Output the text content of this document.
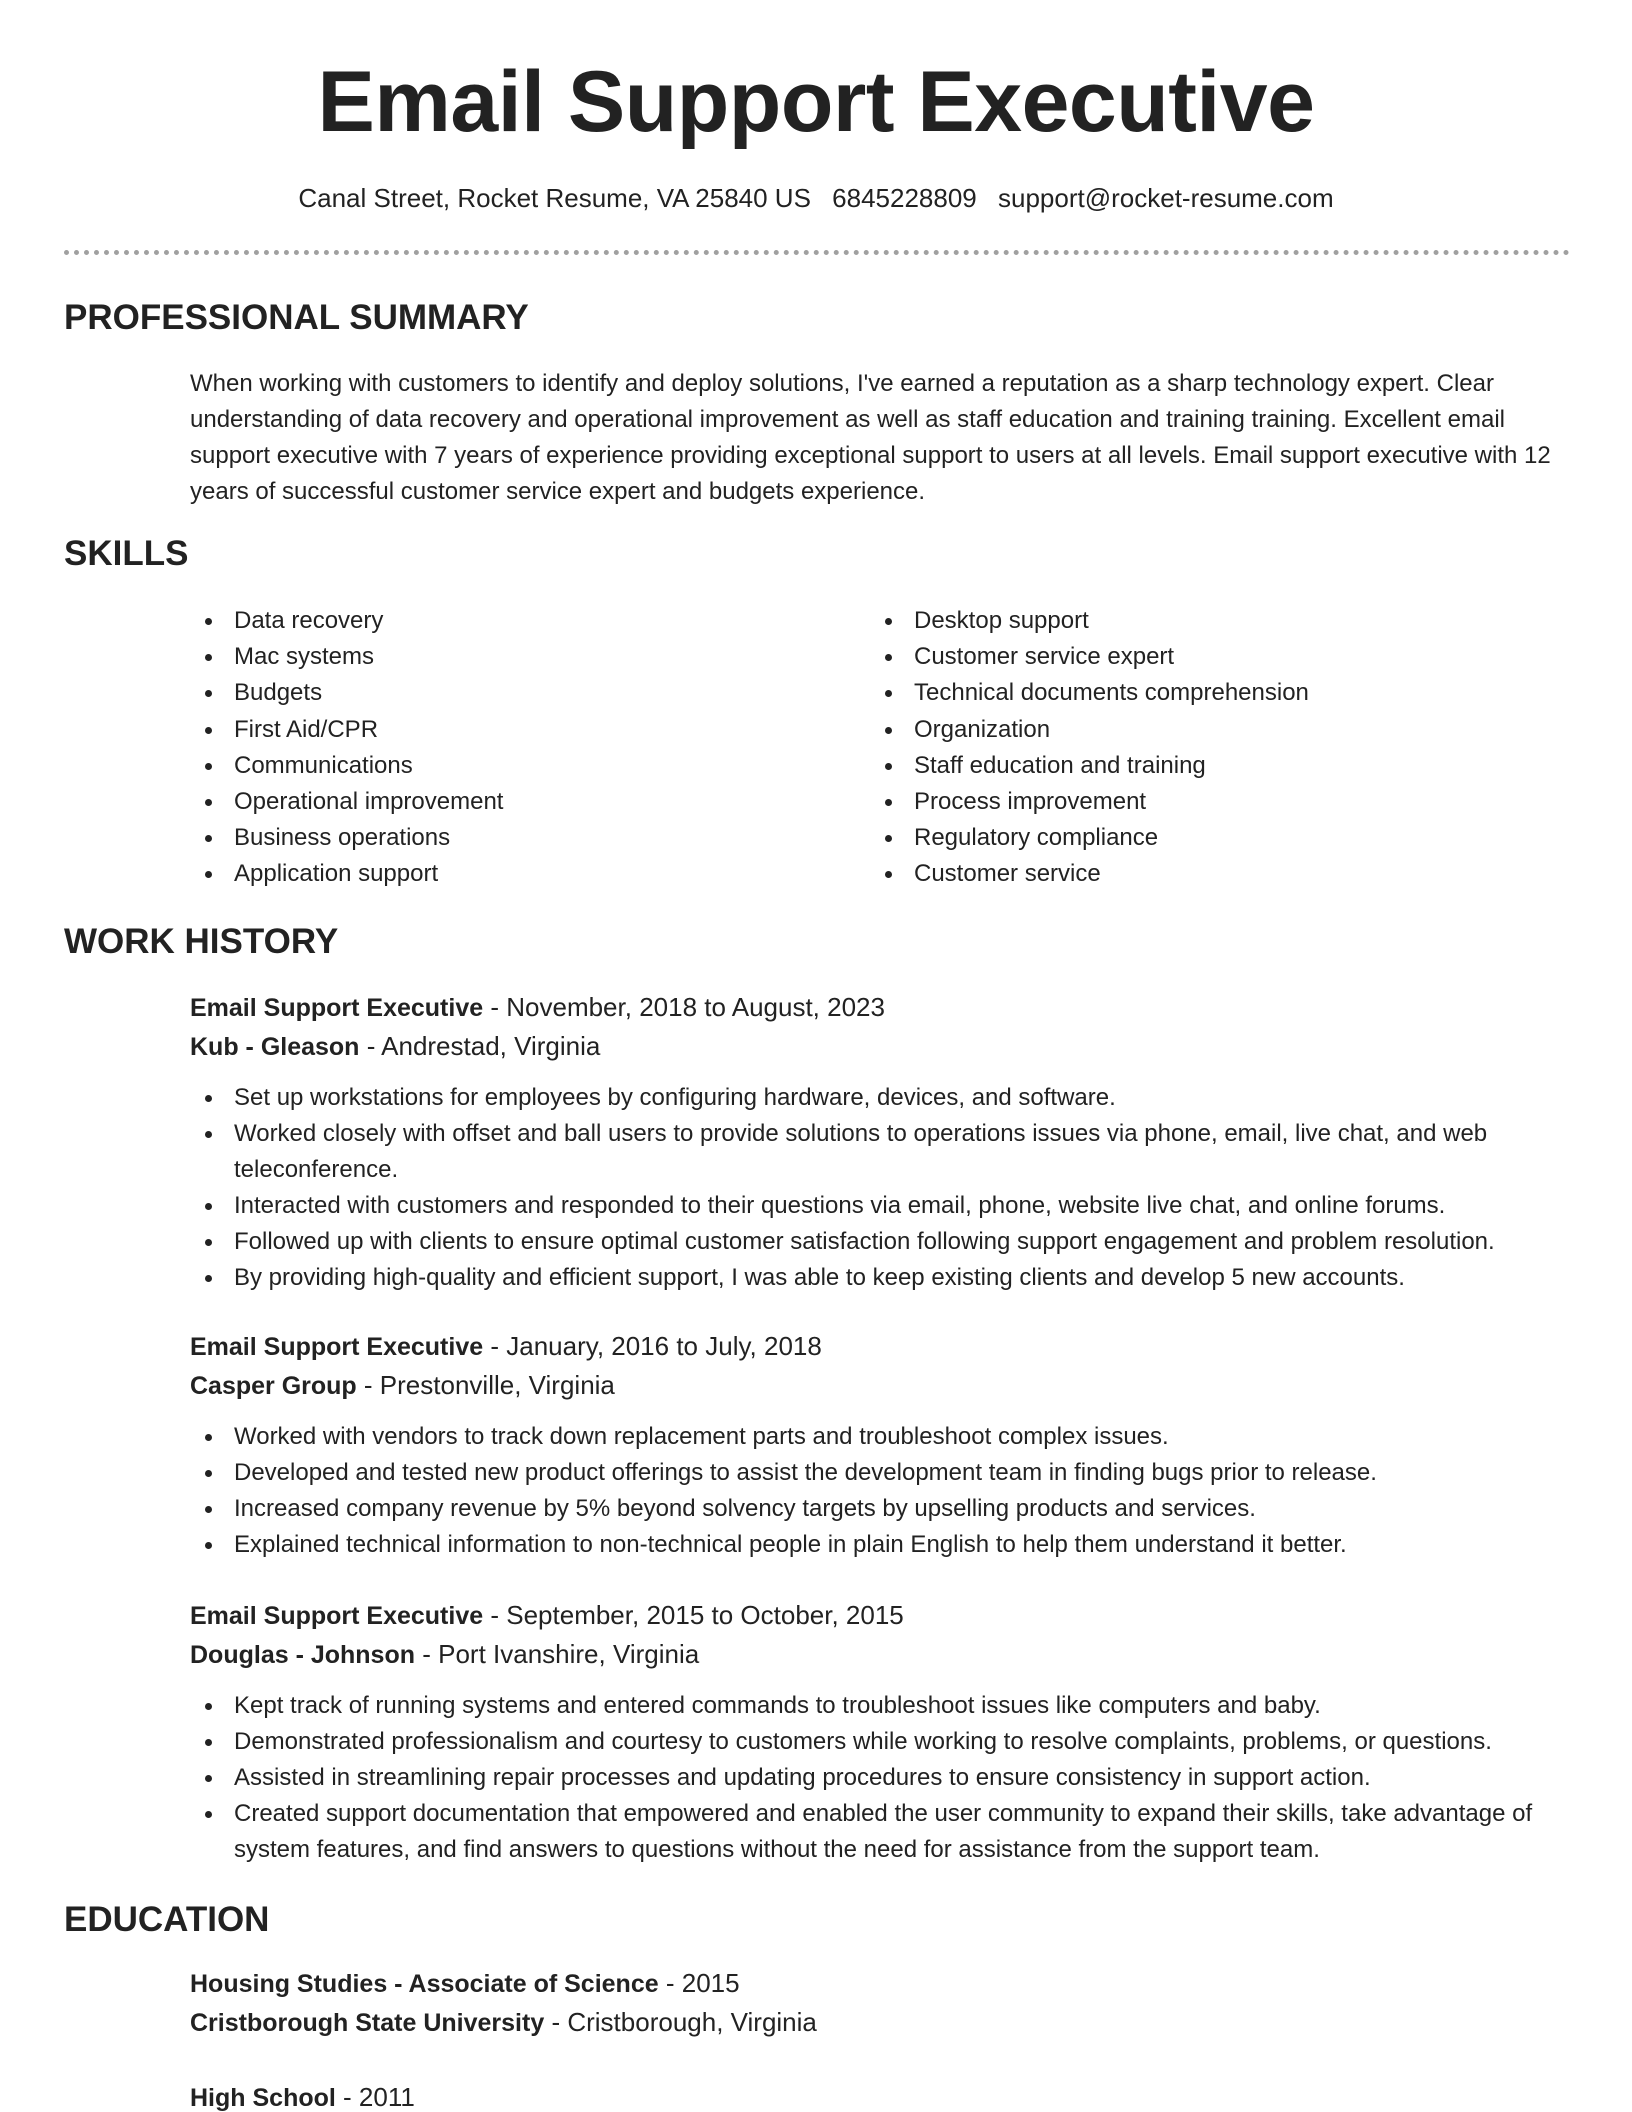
Email Support Executive
Canal Street, Rocket Resume, VA 25840 US 6845228809 support@rocket-resume.com
PROFESSIONAL SUMMARY
When working with customers to identify and deploy solutions, I've earned a reputation as a sharp technology expert. Clear understanding of data recovery and operational improvement as well as staff education and training training. Excellent email support executive with 7 years of experience providing exceptional support to users at all levels. Email support executive with 12 years of successful customer service expert and budgets experience.
SKILLS
Data recovery
Mac systems
Budgets
First Aid/CPR
Communications
Operational improvement
Business operations
Application support
Desktop support
Customer service expert
Technical documents comprehension
Organization
Staff education and training
Process improvement
Regulatory compliance
Customer service
WORK HISTORY
Email Support Executive - November, 2018 to August, 2023
Kub - Gleason - Andrestad, Virginia
Set up workstations for employees by configuring hardware, devices, and software.
Worked closely with offset and ball users to provide solutions to operations issues via phone, email, live chat, and web teleconference.
Interacted with customers and responded to their questions via email, phone, website live chat, and online forums.
Followed up with clients to ensure optimal customer satisfaction following support engagement and problem resolution.
By providing high-quality and efficient support, I was able to keep existing clients and develop 5 new accounts.
Email Support Executive - January, 2016 to July, 2018
Casper Group - Prestonville, Virginia
Worked with vendors to track down replacement parts and troubleshoot complex issues.
Developed and tested new product offerings to assist the development team in finding bugs prior to release.
Increased company revenue by 5% beyond solvency targets by upselling products and services.
Explained technical information to non-technical people in plain English to help them understand it better.
Email Support Executive - September, 2015 to October, 2015
Douglas - Johnson - Port Ivanshire, Virginia
Kept track of running systems and entered commands to troubleshoot issues like computers and baby.
Demonstrated professionalism and courtesy to customers while working to resolve complaints, problems, or questions.
Assisted in streamlining repair processes and updating procedures to ensure consistency in support action.
Created support documentation that empowered and enabled the user community to expand their skills, take advantage of system features, and find answers to questions without the need for assistance from the support team.
EDUCATION
Housing Studies - Associate of Science - 2015
Cristborough State University - Cristborough, Virginia
High School - 2011
